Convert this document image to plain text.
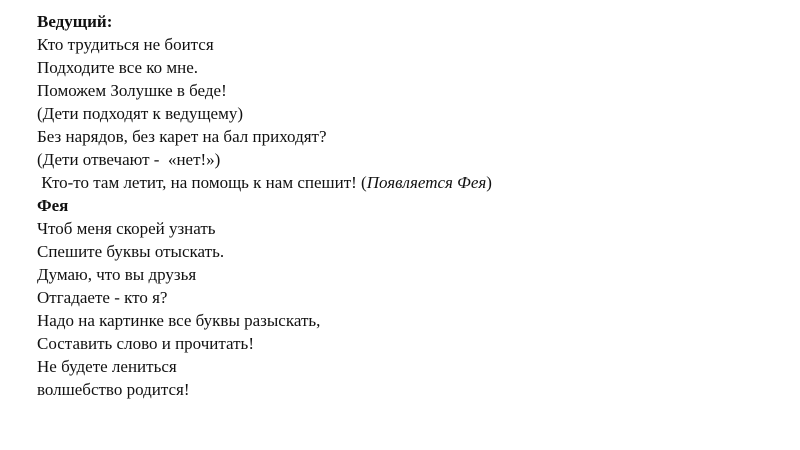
Ведущий:
Кто трудиться не боится
Подходите все ко мне.
Поможем Золушке в беде!
(Дети подходят к ведущему)
Без нарядов, без карет на бал приходят?
(Дети отвечают -  «нет!»)
Кто-то там летит, на помощь к нам спешит! (Появляется Фея)
Фея
Чтоб меня скорей узнать
Спешите буквы отыскать.
Думаю, что вы друзья
Отгадаете - кто я?
Надо на картинке все буквы разыскать,
Составить слово и прочитать!
Не будете лениться
волшебство родится!
